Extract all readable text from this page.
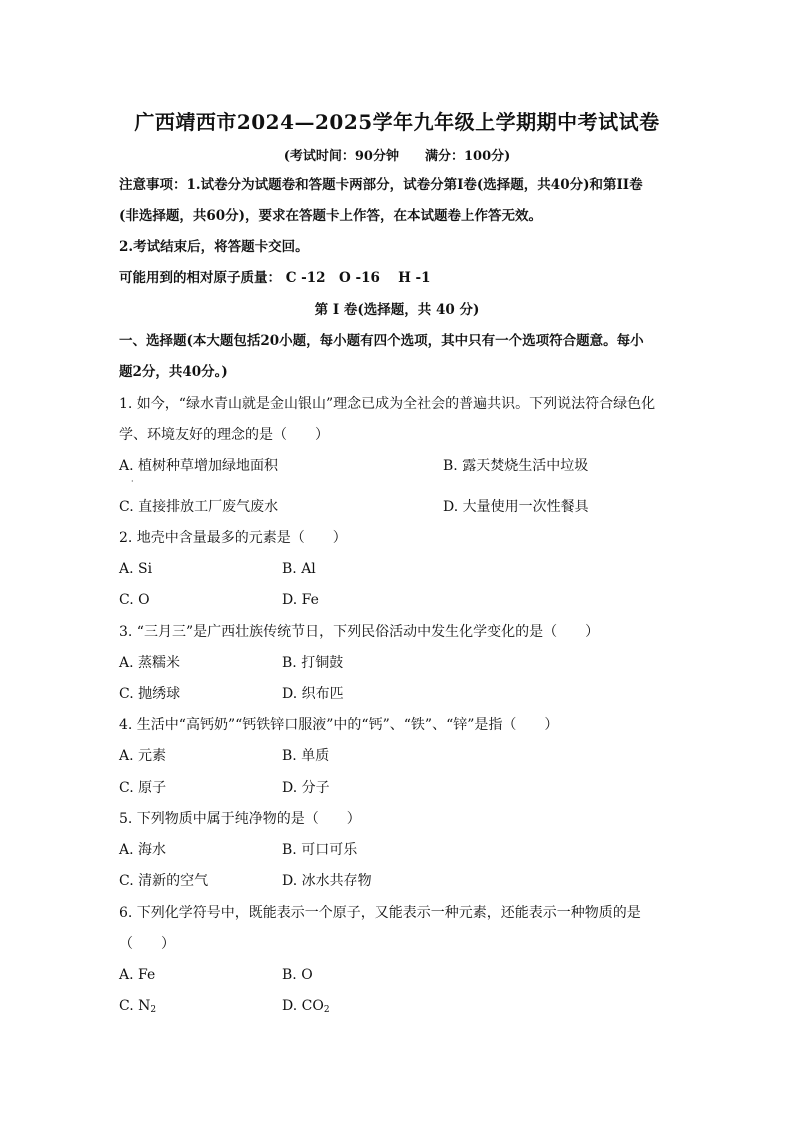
广西靖西市2024—2025学年九年级上学期期中考试试卷
(考试时间：90分钟　　满分：100分)
注意事项：1.试卷分为试题卷和答题卡两部分，试卷分第I卷(选择题，共40分)和第II卷
(非选择题，共60分)，要求在答题卡上作答，在本试题卷上作答无效。
2.考试结束后，将答题卡交回。
可能用到的相对原子质量： C -12　O -16　 H -1
第 I 卷(选择题，共 40 分)
一、选择题(本大题包括20小题，每小题有四个选项，其中只有一个选项符合题意。每小
题2分，共40分。)
1. 如今，“绿水青山就是金山银山”理念已成为全社会的普遍共识。下列说法符合绿色化
学、环境友好的理念的是（　　）
A. 植树种草增加绿地面积	B. 露天焚烧生活中垃圾
·
C. 直接排放工厂废气废水	D. 大量使用一次性餐具
2. 地壳中含量最多的元素是（　　）
A. Si	B. Al
C. O	D. Fe
3. “三月三”是广西壮族传统节日，下列民俗活动中发生化学变化的是（　　）
A. 蒸糯米	B. 打铜鼓
C. 抛绣球	D. 织布匹
4. 生活中“高钙奶”“钙铁锌口服液”中的“钙”、“铁”、“锌”是指（　　）
A. 元素	B. 单质
C. 原子	D. 分子
5. 下列物质中属于纯净物的是（　　）
A. 海水	B. 可口可乐
C. 清新的空气	D. 冰水共存物
6. 下列化学符号中，既能表示一个原子，又能表示一种元素，还能表示一种物质的是
（　　）
A. Fe	B. O
C. $N_2$	D. $CO_2$
